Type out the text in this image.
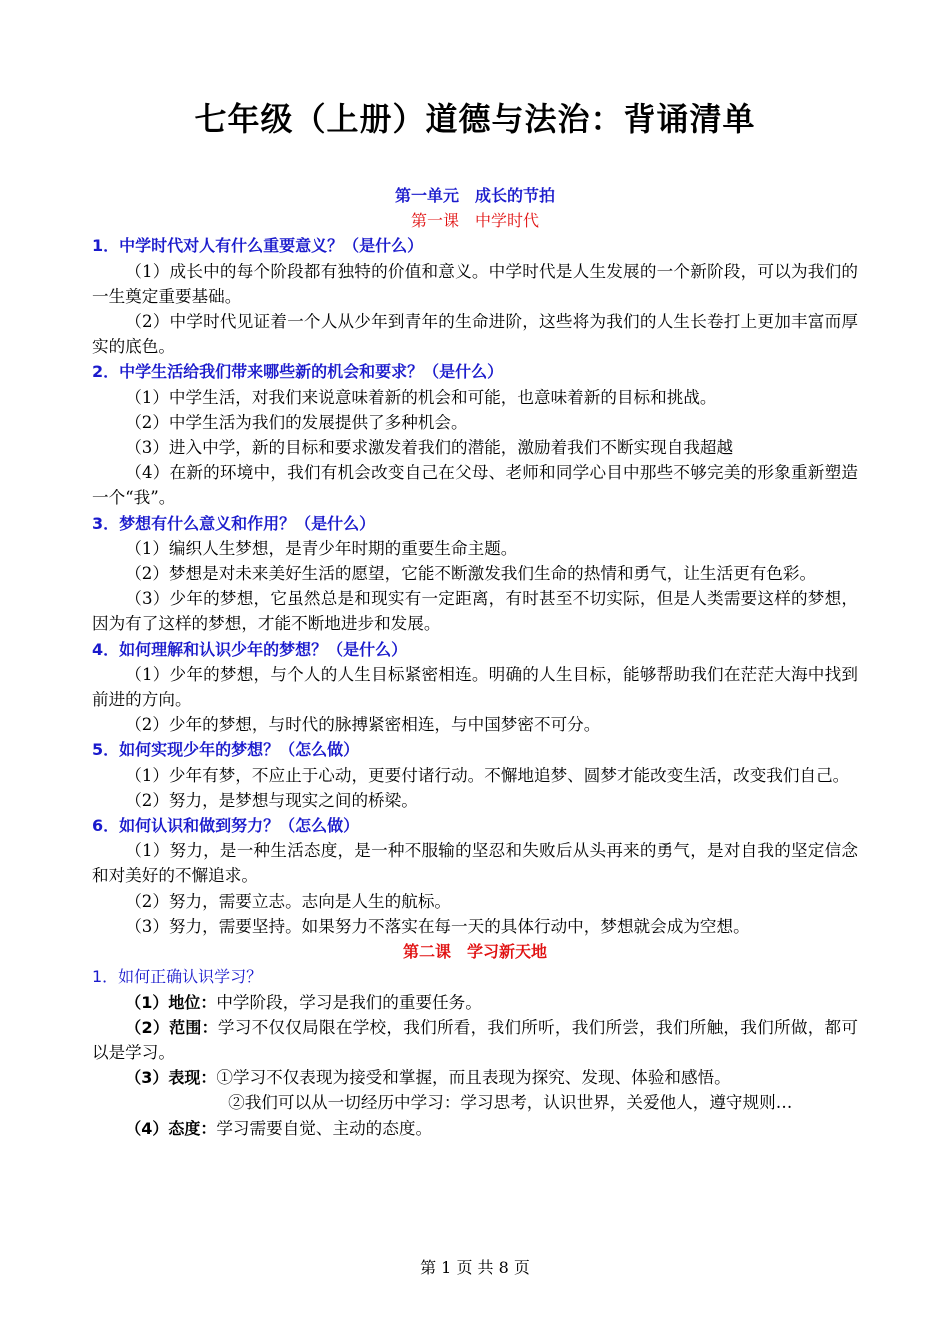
七年级（上册）道德与法治：背诵清单
第一单元　成长的节拍
第一课　中学时代
1．中学时代对人有什么重要意义？（是什么）
（1）成长中的每个阶段都有独特的价值和意义。中学时代是人生发展的一个新阶段，可以为我们的一生奠定重要基础。
（2）中学时代见证着一个人从少年到青年的生命进阶，这些将为我们的人生长卷打上更加丰富而厚实的底色。
2．中学生活给我们带来哪些新的机会和要求？（是什么）
（1）中学生活，对我们来说意味着新的机会和可能，也意味着新的目标和挑战。
（2）中学生活为我们的发展提供了多种机会。
（3）进入中学，新的目标和要求激发着我们的潜能，激励着我们不断实现自我超越
（4）在新的环境中，我们有机会改变自己在父母、老师和同学心目中那些不够完美的形象重新塑造一个“我”。
3．梦想有什么意义和作用？（是什么）
（1）编织人生梦想，是青少年时期的重要生命主题。
（2）梦想是对未来美好生活的愿望，它能不断激发我们生命的热情和勇气，让生活更有色彩。
（3）少年的梦想，它虽然总是和现实有一定距离，有时甚至不切实际，但是人类需要这样的梦想，因为有了这样的梦想，才能不断地进步和发展。
4．如何理解和认识少年的梦想？（是什么）
（1）少年的梦想，与个人的人生目标紧密相连。明确的人生目标，能够帮助我们在茫茫大海中找到前进的方向。
（2）少年的梦想，与时代的脉搏紧密相连，与中国梦密不可分。
5．如何实现少年的梦想？（怎么做）
（1）少年有梦，不应止于心动，更要付诸行动。不懈地追梦、圆梦才能改变生活，改变我们自己。
（2）努力，是梦想与现实之间的桥梁。
6．如何认识和做到努力？（怎么做）
（1）努力，是一种生活态度，是一种不服输的坚忍和失败后从头再来的勇气，是对自我的坚定信念和对美好的不懈追求。
（2）努力，需要立志。志向是人生的航标。
（3）努力，需要坚持。如果努力不落实在每一天的具体行动中，梦想就会成为空想。
第二课　学习新天地
1．如何正确认识学习？
（1）地位：中学阶段，学习是我们的重要任务。
（2）范围：学习不仅仅局限在学校，我们所看，我们所听，我们所尝，我们所触，我们所做，都可以是学习。
（3）表现：①学习不仅表现为接受和掌握，而且表现为探究、发现、体验和感悟。
②我们可以从一切经历中学习：学习思考，认识世界，关爱他人，遵守规则…
（4）态度：学习需要自觉、主动的态度。
第 1 页 共 8 页
